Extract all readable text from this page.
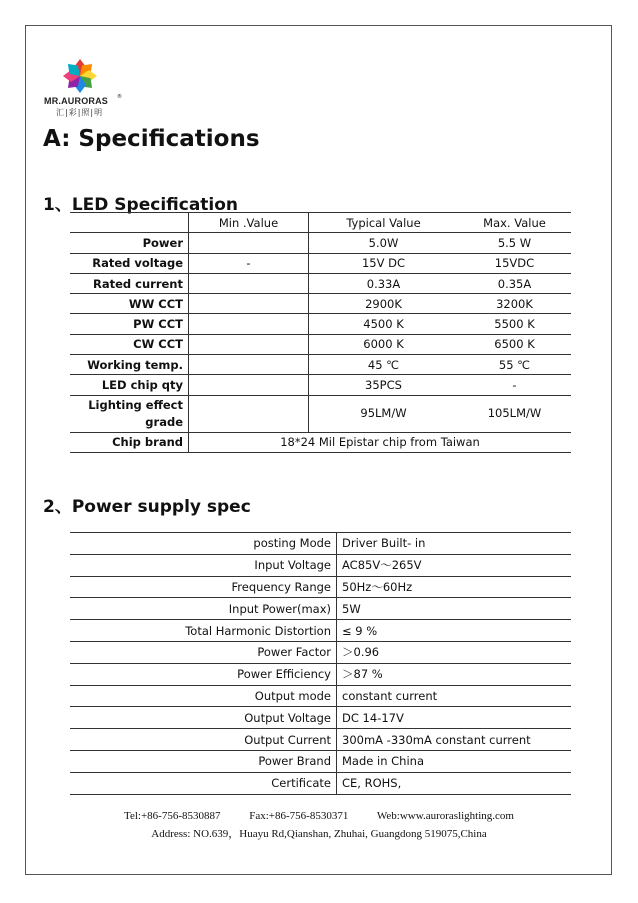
MR.AURORAS ®
汇|彩|照|明
A: Specifications
1、LED Specification
	Min .Value	Typical Value	Max. Value
Power		5.0W	5.5 W
Rated voltage	-	15V DC	15VDC
Rated current		0.33A	0.35A
WW CCT		2900K	3200K
PW CCT		4500 K	5500 K
CW CCT		6000 K	6500 K
Working temp.		45 ℃	55 ℃
LED chip qty		35PCS	-
Lighting effect grade		95LM/W	105LM/W
Chip brand	18*24 Mil Epistar chip from Taiwan		
2、Power supply spec
posting Mode	Driver Built- in
Input Voltage	AC85V～265V
Frequency Range	50Hz～60Hz
Input Power(max)	5W
Total Harmonic Distortion	≤ 9 %
Power Factor	＞0.96
Power Efficiency	＞87 %
Output mode	constant current
Output Voltage	DC 14-17V
Output Current	300mA -330mA constant current
Power Brand	Made in China
Certificate	CE, ROHS,
Tel:+86-756-8530887	Fax:+86-756-8530371	Web:www.auroraslighting.com
Address: NO.639，Huayu Rd,Qianshan, Zhuhai, Guangdong 519075,China
